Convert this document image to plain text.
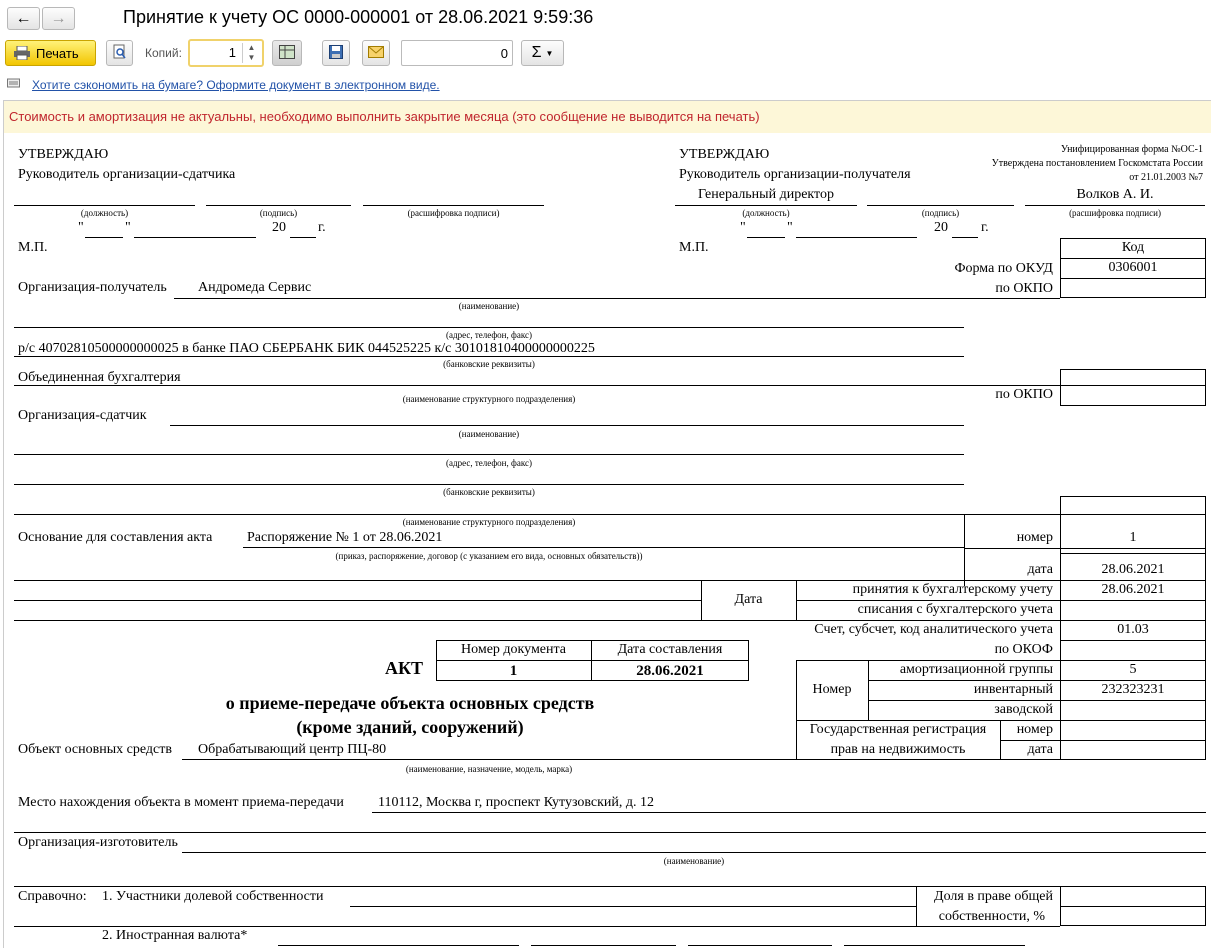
← →	Принятие к учету ОС 0000-000001 от 28.06.2021 9:59:36
Печать	Копий:	1	▲
▼	0 Σ ▼
Хотите сэкономить на бумаге? Оформите документ в электронном виде.
Стоимость и амортизация не актуальны, необходимо выполнить закрытие месяца (это сообщение не выводится на печать)
Унифицированная форма №ОС-1
Утверждена постановлением Госкомстата России
от 21.01.2003 №7
УТВЕРЖДАЮ
Руководитель организации-сдатчика
(должность)	(подпись)	(расшифровка подписи)
"	"	20 г.
М.П.
УТВЕРЖДАЮ
Руководитель организации-получателя
Генеральный директор	Волков А. И.
(должность)	(подпись)	(расшифровка подписи)
"	"	20 г.
М.П.	Код
Форма по ОКУД	0306001
по ОКПО
Организация-получатель Андромеда Сервис
(наименование)
(адрес, телефон, факс)
р/с 40702810500000000025 в банке ПАО СБЕРБАНК БИК 044525225 к/с 30101810400000000225
(банковские реквизиты)
Объединенная бухгалтерия
(наименование структурного подразделения)	по ОКПО
Организация-сдатчик
(наименование)
(адрес, телефон, факс)
(банковские реквизиты)
(наименование структурного подразделения)
Основание для составления акта Распоряжение № 1 от 28.06.2021
(приказ, распоряжение, договор (с указанием его вида, основных обязательств))
номер	1
дата	28.06.2021
Дата
принятия к бухгалтерскому учету	28.06.2021
списания с бухгалтерского учета
Счет, субсчет, код аналитического учета	01.03
по ОКОФ
Номер документа	Дата составления
1	28.06.2021
АКТ
о приеме-передаче объекта основных средств
(кроме зданий, сооружений)
Номер
амортизационной группы	5
инвентарный	232323231
заводской
Государственная регистрация
прав на недвижимость
номер
дата
Объект основных средств Обрабатывающий центр ПЦ-80
(наименование, назначение, модель, марка)
Место нахождения объекта в момент приема-передачи 110112, Москва г, проспект Кутузовский, д. 12
Организация-изготовитель
(наименование)
Справочно: 1. Участники долевой собственности	Доля в праве общей
собственности, %
2. Иностранная валюта*
